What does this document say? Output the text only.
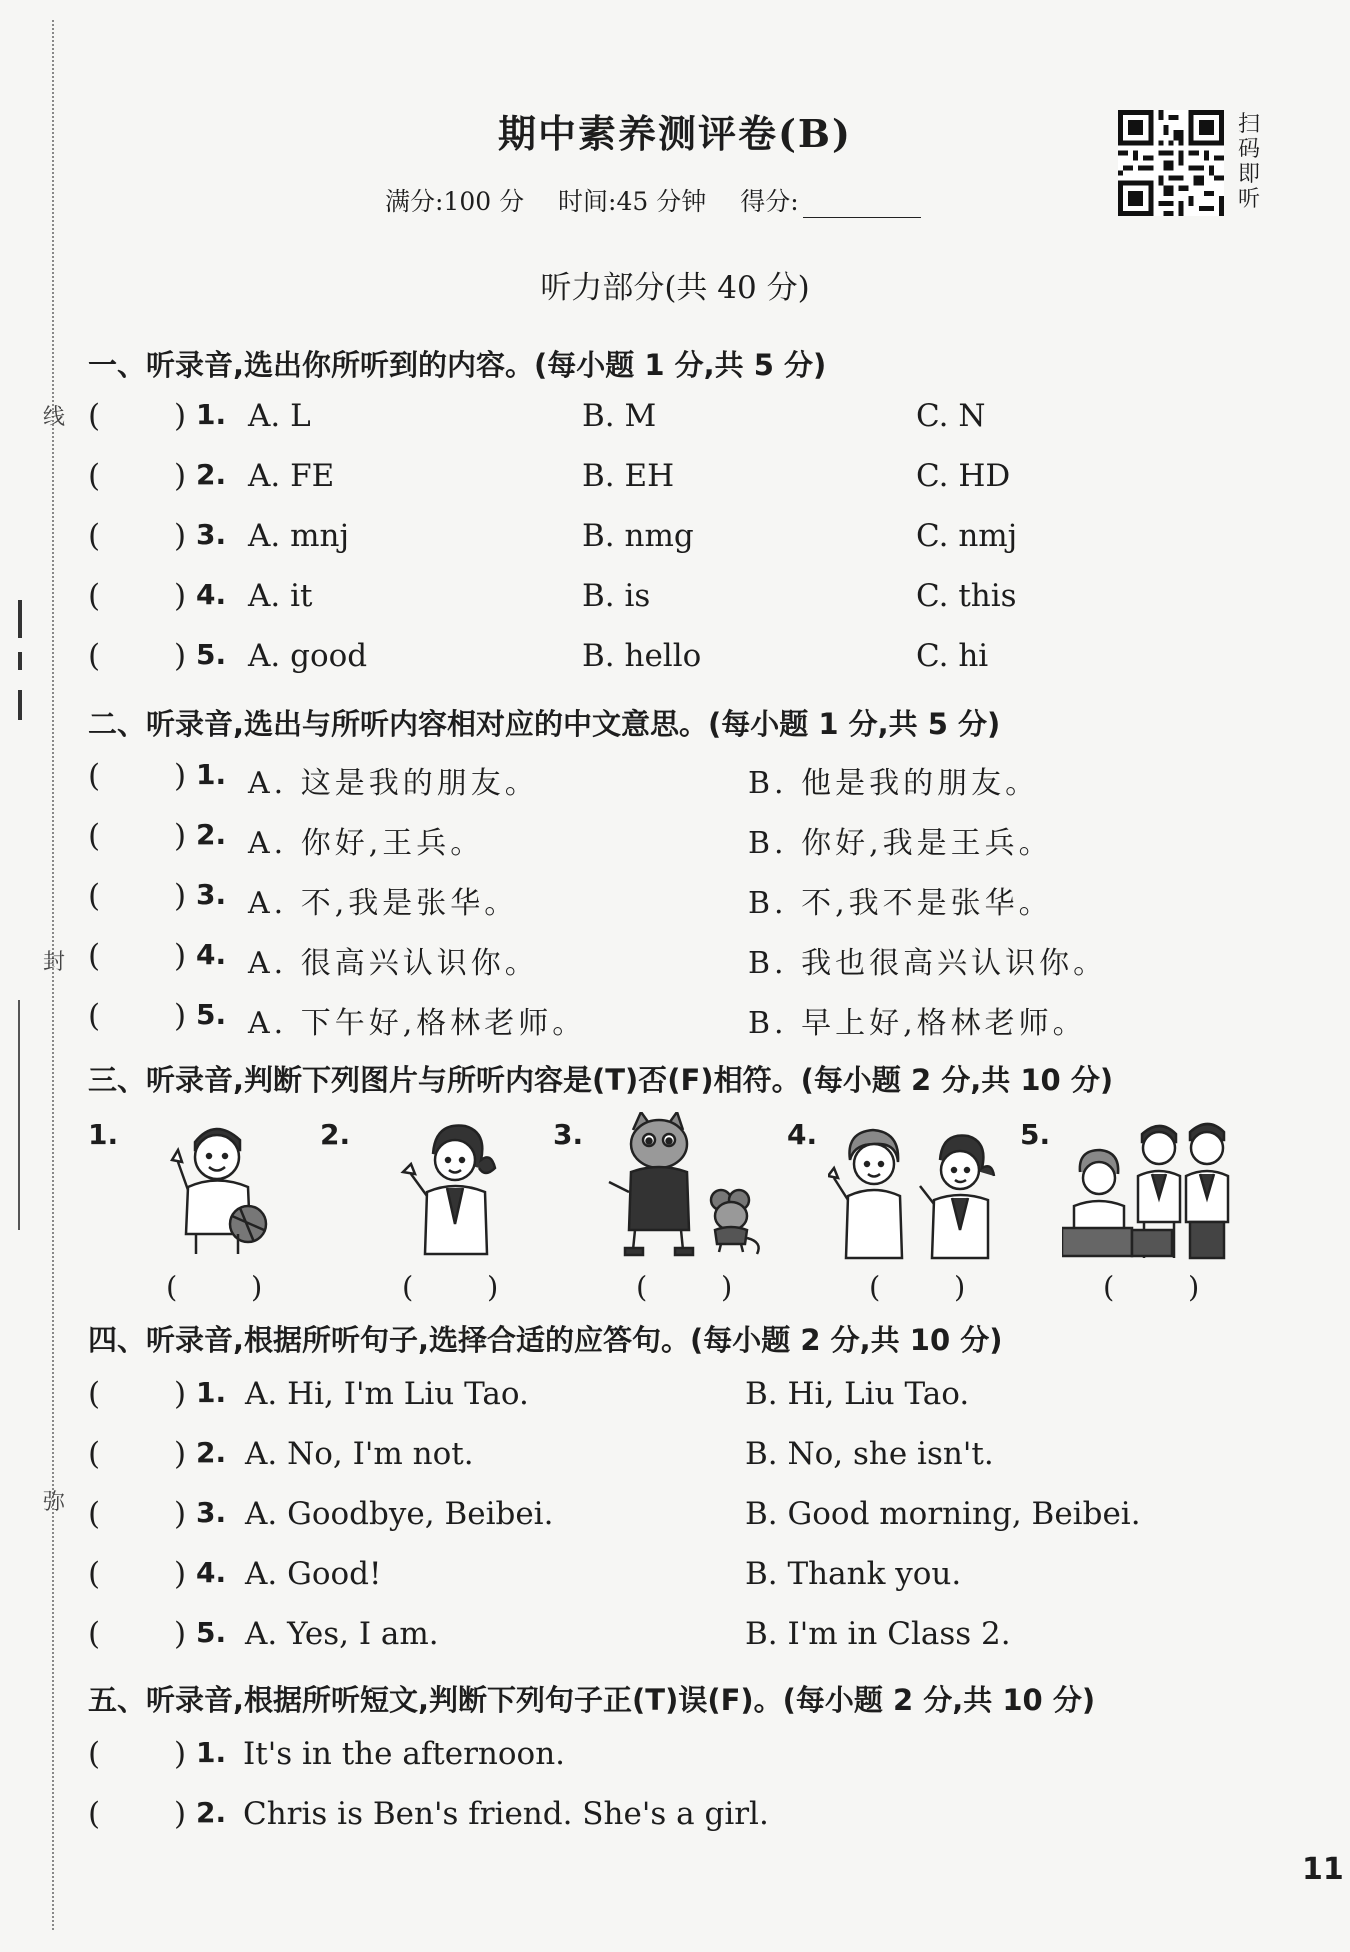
线
封
弥
期中素养测评卷(B)
满分:100 分 时间:45 分钟 得分:
扫
码
即
听
听力部分(共 40 分)
一、听录音,选出你所听到的内容。(每小题 1 分,共 5 分)
( ) 1. A. L	B. M	C. N
( ) 2. A. FE	B. EH	C. HD
( ) 3. A. mnj	B. nmg	C. nmj
( ) 4. A. it	B. is	C. this
( ) 5. A. good	B. hello	C. hi
二、听录音,选出与所听内容相对应的中文意思。(每小题 1 分,共 5 分)
( ) 1. A. 这是我的朋友。	B. 他是我的朋友。
( ) 2. A. 你好,王兵。	B. 你好,我是王兵。
( ) 3. A. 不,我是张华。	B. 不,我不是张华。
( ) 4. A. 很高兴认识你。	B. 我也很高兴认识你。
( ) 5. A. 下午好,格林老师。	B. 早上好,格林老师。
三、听录音,判断下列图片与所听内容是(T)否(F)相符。(每小题 2 分,共 10 分)
1.
(        )
2.
(        )
3.
(        )
4.
(        )
5.
(        )
四、听录音,根据所听句子,选择合适的应答句。(每小题 2 分,共 10 分)
( ) 1. A. Hi, I'm Liu Tao.	B. Hi, Liu Tao.
( ) 2. A. No, I'm not.	B. No, she isn't.
( ) 3. A. Goodbye, Beibei.	B. Good morning, Beibei.
( ) 4. A. Good!	B. Thank you.
( ) 5. A. Yes, I am.	B. I'm in Class 2.
五、听录音,根据所听短文,判断下列句子正(T)误(F)。(每小题 2 分,共 10 分)
( ) 1. It's in the afternoon.
( ) 2. Chris is Ben's friend. She's a girl.
11
